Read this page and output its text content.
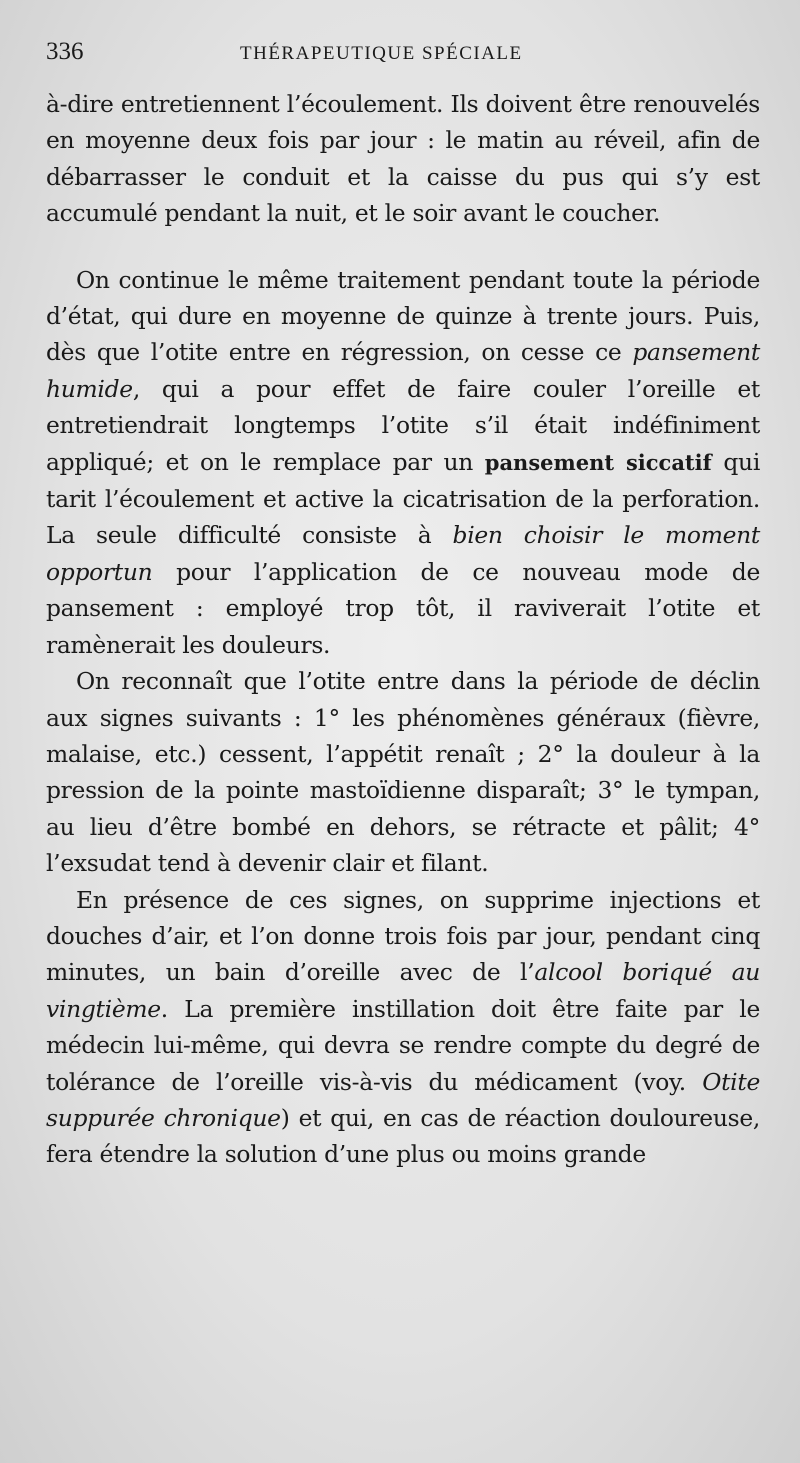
336	THÉRAPEUTIQUE SPÉCIALE

à-dire entretiennent l’écoulement. Ils doivent être renouvelés en moyenne deux fois par jour : le matin au réveil, afin de débarrasser le conduit et la caisse du pus qui s’y est accumulé pendant la nuit, et le soir avant le coucher.

On continue le même traitement pendant toute la période d’état, qui dure en moyenne de quinze à trente jours. Puis, dès que l’otite entre en régression, on cesse ce pansement humide, qui a pour effet de faire couler l’oreille et entretiendrait longtemps l’otite s’il était indéfiniment appliqué; et on le remplace par un pansement siccatif qui tarit l’écoulement et active la cicatrisation de la perforation. La seule difficulté consiste à bien choisir le moment opportun pour l’application de ce nouveau mode de pansement : employé trop tôt, il raviverait l’otite et ramènerait les douleurs.

On reconnaît que l’otite entre dans la période de déclin aux signes suivants : 1° les phénomènes généraux (fièvre, malaise, etc.) cessent, l’appétit renaît ; 2° la douleur à la pression de la pointe mastoïdienne disparaît; 3° le tympan, au lieu d’être bombé en dehors, se rétracte et pâlit; 4° l’exsudat tend à devenir clair et filant.

En présence de ces signes, on supprime injections et douches d’air, et l’on donne trois fois par jour, pendant cinq minutes, un bain d’oreille avec de l’alcool boriqué au vingtième. La première instillation doit être faite par le médecin lui-même, qui devra se rendre compte du degré de tolérance de l’oreille vis-à-vis du médicament (voy. Otite suppurée chronique) et qui, en cas de réaction douloureuse, fera étendre la solution d’une plus ou moins grande
